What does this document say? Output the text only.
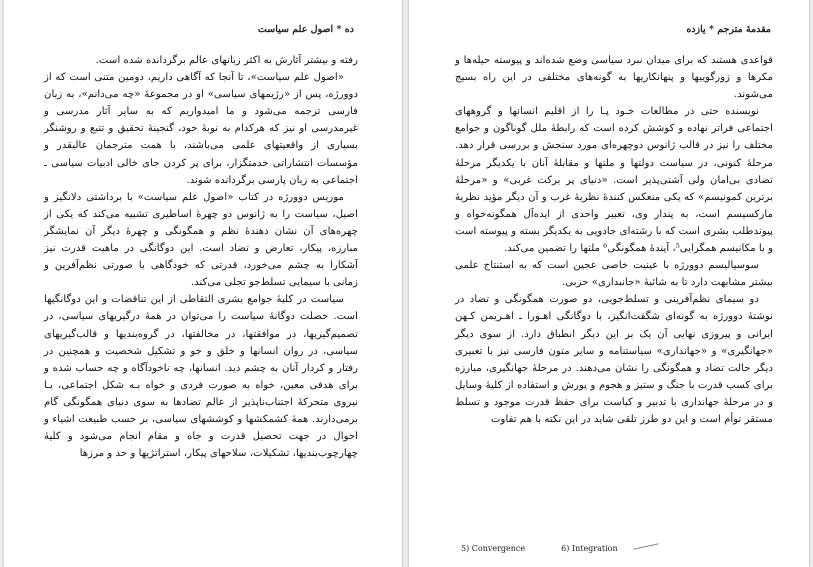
ده * اصول علم سیاست

رفته و بیشتر آثارش به اکثر زبانهای عالم برگردانده شده است.

«اصول علم سیاست»، تا آنجا که آگاهی داریم، دومین متنی است که از دوورژه، پس از «رژیمهای سیاسی» او در مجموعهٔ «چه می‌دانم»، به زبان فارسی ترجمه می‌شود و ما امیدواریم که به سایر آثار مدرسی و غیرمدرسی او نیز که هرکدام به نوبهٔ خود، گنجینهٔ تحقیق و تتبع و روشنگر بسیاری از واقعیتهای علمی می‌باشند، با همت مترجمان عالیقدر و مؤسسات انتشاراتی خدمتگزار، برای پر کردن جای خالی ادبیات سیاسی ـ اجتماعی به زبان پارسی برگردانده شوند.

موریس دوورژه در کتاب «اصول علم سیاست» با برداشتی دلانگیز و اصیل، سیاست را به ژانوس دو چهرهٔ اساطیری تشبیه می‌کند که یکی از چهره‌های آن نشان دهندهٔ نظم و همگونگی و چهرهٔ دیگر آن نمایشگر مبارزه، پیکار، تعارض و تضاد است. این دوگانگی در ماهیت قدرت نیز آشکارا به چشم می‌خورد، قدرتی که خودگاهی با صورتی نظم‌آفرین و زمانی با سیمایی تسلط‌جو تجلی می‌کند.

سیاست در کلیهٔ جوامع بشری التقاطی از این تناقضات و این دوگانگیها است. خصلت دوگانهٔ سیاست را می‌توان در همهٔ درگیریهای سیاسی، در تصمیم‌گیریها، در موافقتها، در مخالفتها، در گروه‌بندیها و قالب‌گیریهای سیاسی، در روان انسانها و خلق و خو و تشکیل شخصیت و همچنین در رفتار و کردار آنان به چشم دید. انسانها، چه ناخودآگاه و چه حساب شده و برای هدفی معین، خواه به صورت فردی و خواه بـه شکل اجتماعی، بـا نیروی متحرکهٔ اجتناب‌ناپذیر از عالم تضادها به سوی دنیای همگونگی گام برمی‌دارند. همهٔ کشمکشها و کوششهای سیاسی، بر حسب طبیعت اشیاء و احوال در جهت تحصیل قدرت و جاه و مقام انجام می‌شود و کلیهٔ چهارچوب‌بندیها، تشکیلات، سلاحهای پیکار، استراتژیها و حد و مرزها

مقدمهٔ مترجم * یازده

قواعدی هستند که برای میدان نبرد سیاسی وضع شده‌اند و پیوسته حیله‌ها و مکرها و زورگوییها و پنهانکاریها به گونه‌های مختلفی در این راه بسیج می‌شوند.

نویسنده حتی در مطالعات خـود پـا را از اقلیم انسانها و گروههای اجتماعی فراتر نهاده و کوشش کرده است که رابطهٔ ملل گوناگون و جوامع مختلف را نیز در قالب ژانوس دوچهره‌ای مورد سنجش و بررسی قرار دهد. مرحلهٔ کنونی، در سیاست دولتها و ملتها و مقابلهٔ آنان با یکدیگر مرحلهٔ تضادی بی‌امان ولی آشتی‌پذیر است. «دنیای پر برکت غربی» و «مرحلهٔ برترین کمونیسم» که یکی منعکس کنندهٔ نظریهٔ غرب و آن دیگر مؤید نظریهٔ مارکسیسم است، به پندار وی، تعبیر واحدی از ایده‌آل همگونه‌خواه و پیوندطلب بشری است که با رشته‌ای جادویی به یکدیگر بسته و پیوسته است و با مکانیسم همگرایی⁵، آیندهٔ همگونگی⁶ ملتها را تضمین می‌کند.

سوسیالیسم دوورژه با عینیت خاصی عجین است که به استنتاج علمی بیشتر مشابهت دارد تا به شائبهٔ «جانبداری» حزبی.

دو سیمای نظم‌آفرینی و تسلط‌جویی، دو صورت همگونگی و تضاد در نوشتهٔ دوورژه به گونه‌ای شگفت‌انگیز، با دوگانگی اهـورا ـ اهـریمن کـهن ایرانی و پیروزی نهایی آن یک بر این دیگر انطباق دارد. از سوی دیگر «جهانگیری» و «جهانداری» سیاستنامه و سایر متون فارسی نیز با تعبیری دیگر حالت تضاد و همگونگی را نشان می‌دهند. در مرحلهٔ جهانگیری، مبارزه برای کسب قدرت با جنگ و ستیز و هجوم و یورش و استفاده از کلیهٔ وسایل و در مرحلهٔ جهانداری با تدبیر و کیاست برای حفظ قدرت موجود و تسلط مستقر توأم است و این دو طرز تلقی شاید در این نکته با هم تفاوت

5) Convergence	6) Integration
